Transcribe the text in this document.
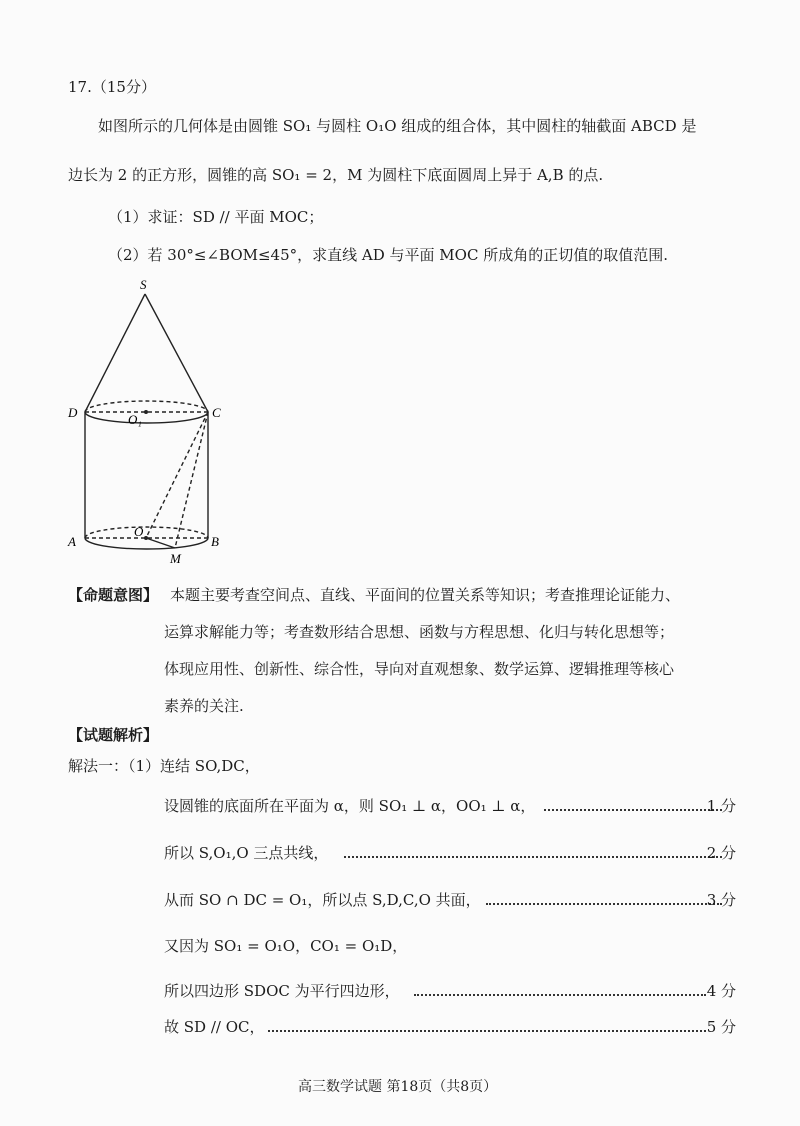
17.（15分）
如图所示的几何体是由圆锥 SO₁ 与圆柱 O₁O 组成的组合体，其中圆柱的轴截面 ABCD 是
边长为 2 的正方形，圆锥的高 SO₁ = 2，M 为圆柱下底面圆周上异于 A,B 的点.
（1）求证：SD // 平面 MOC；
（2）若 30°≤∠BOM≤45°，求直线 AD 与平面 MOC 所成角的正切值的取值范围.
S
D	C
O₁
A	B
O
M
【命题意图】 本题主要考查空间点、直线、平面间的位置关系等知识；考查推理论证能力、
运算求解能力等；考查数形结合思想、函数与方程思想、化归与转化思想等；
体现应用性、创新性、综合性，导向对直观想象、数学运算、逻辑推理等核心
素养的关注.
【试题解析】
解法一：（1）连结 SO,DC，
设圆锥的底面所在平面为 α，则 SO₁ ⊥ α，OO₁ ⊥ α，	1 分
所以 S,O₁,O 三点共线，	2 分
从而 SO ∩ DC = O₁，所以点 S,D,C,O 共面，	3 分
又因为 SO₁ = O₁O，CO₁ = O₁D，
所以四边形 SDOC 为平行四边形，	4 分
故 SD // OC，	5 分
高三数学试题 第18页（共8页）
